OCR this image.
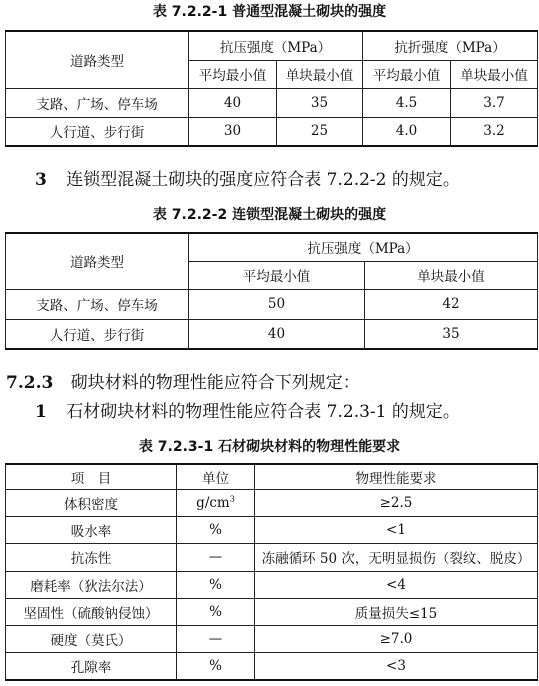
表 7.2.2-1 普通型混凝土砌块的强度
道路类型	抗压强度（MPa）		抗折强度（MPa）	
	平均最小值	单块最小值	平均最小值	单块最小值
支路、广场、停车场	40	35	4.5	3.7
人行道、步行街	30	25	4.0	3.2
3 连锁型混凝土砌块的强度应符合表 7.2.2-2 的规定。
表 7.2.2-2 连锁型混凝土砌块的强度
道路类型	抗压强度（MPa）	
	平均最小值	单块最小值
支路、广场、停车场	50	42
人行道、步行街	40	35
7.2.3 砌块材料的物理性能应符合下列规定：
1 石材砌块材料的物理性能应符合表 7.2.3-1 的规定。
表 7.2.3-1 石材砌块材料的物理性能要求
项　目	单位	物理性能要求
体积密度	$g/cm^3$	≥2.5
吸水率	%	<1
抗冻性	—	冻融循环 50 次，无明显损伤（裂纹、脱皮）
磨耗率（狄法尔法）	%	<4
坚固性（硫酸钠侵蚀）	%	质量损失≤15
硬度（莫氏）	—	≥7.0
孔隙率	%	<3
